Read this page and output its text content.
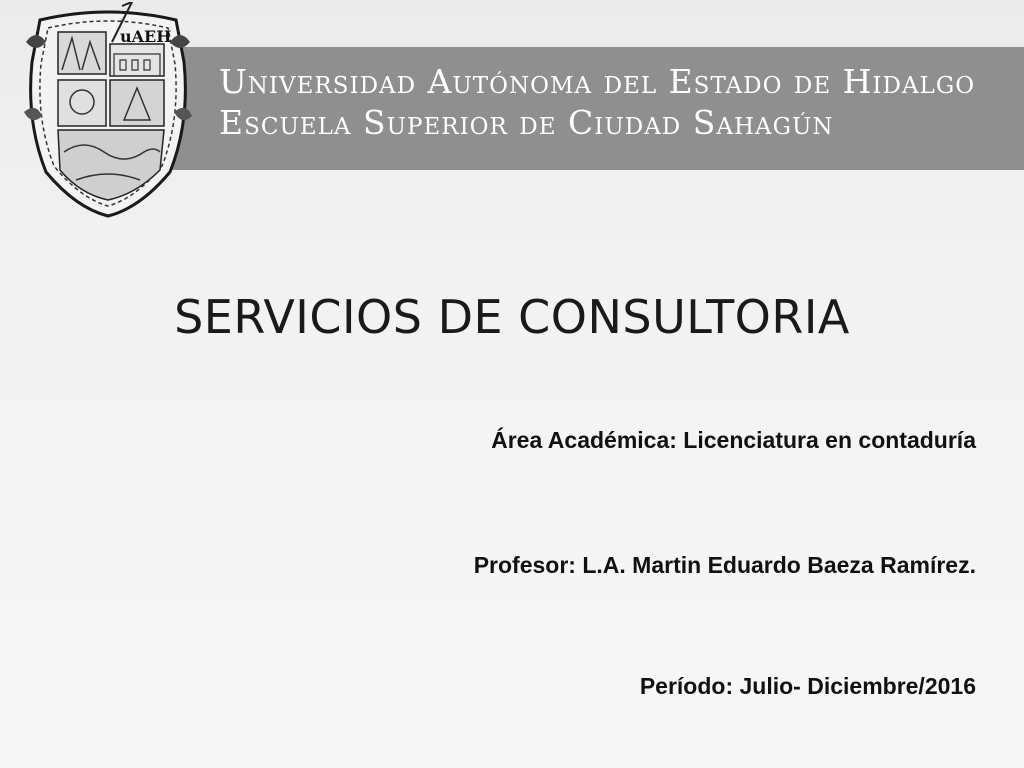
Universidad Autónoma del Estado de Hidalgo
Escuela Superior de Ciudad Sahagún
uAEH
SERVICIOS DE CONSULTORIA
Área Académica: Licenciatura en contaduría
Profesor: L.A. Martin Eduardo Baeza Ramírez.
Período: Julio- Diciembre/2016
